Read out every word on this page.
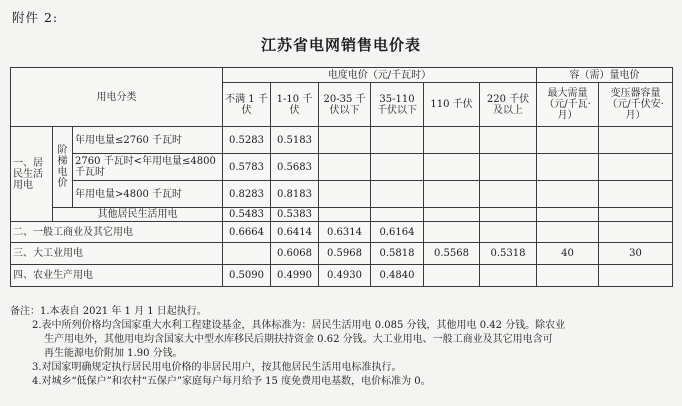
附件 2:
江苏省电网销售电价表
用电分类			电度电价（元/千瓦时）						容（需）量电价	
			不满 1 千伏	1-10 千伏	20-35 千伏以下	35-110 千伏以下	110 千伏	220 千伏及以上	最大需量（元/千瓦·月）	变压器容量（元/千伏安·月）
一、居民生活用电	阶梯电价	年用电量≤2760 千瓦时	0.5283	0.5183						
		2760 千瓦时<年用电量≤4800 千瓦时	0.5783	0.5683						
		年用电量>4800 千瓦时	0.8283	0.8183						
	其他居民生活用电		0.5483	0.5383						
二、一般工商业及其它用电			0.6664	0.6414	0.6314	0.6164				
三、大工业用电				0.6068	0.5968	0.5818	0.5568	0.5318	40	30
四、农业生产用电			0.5090	0.4990	0.4930	0.4840				
备注：1.本表自 2021 年 1 月 1 日起执行。
2.表中所列价格均含国家重大水利工程建设基金，具体标准为：居民生活用电 0.085 分钱，其他用电 0.42 分钱。除农业
生产用电外，其他用电均含国家大中型水库移民后期扶持资金 0.62 分钱。大工业用电、一般工商业及其它用电含可
再生能源电价附加 1.90 分钱。
3.对国家明确规定执行居民用电价格的非居民用户，按其他居民生活用电标准执行。
4.对城乡“低保户”和农村“五保户”家庭每户每月给予 15 度免费用电基数，电价标准为 0。
